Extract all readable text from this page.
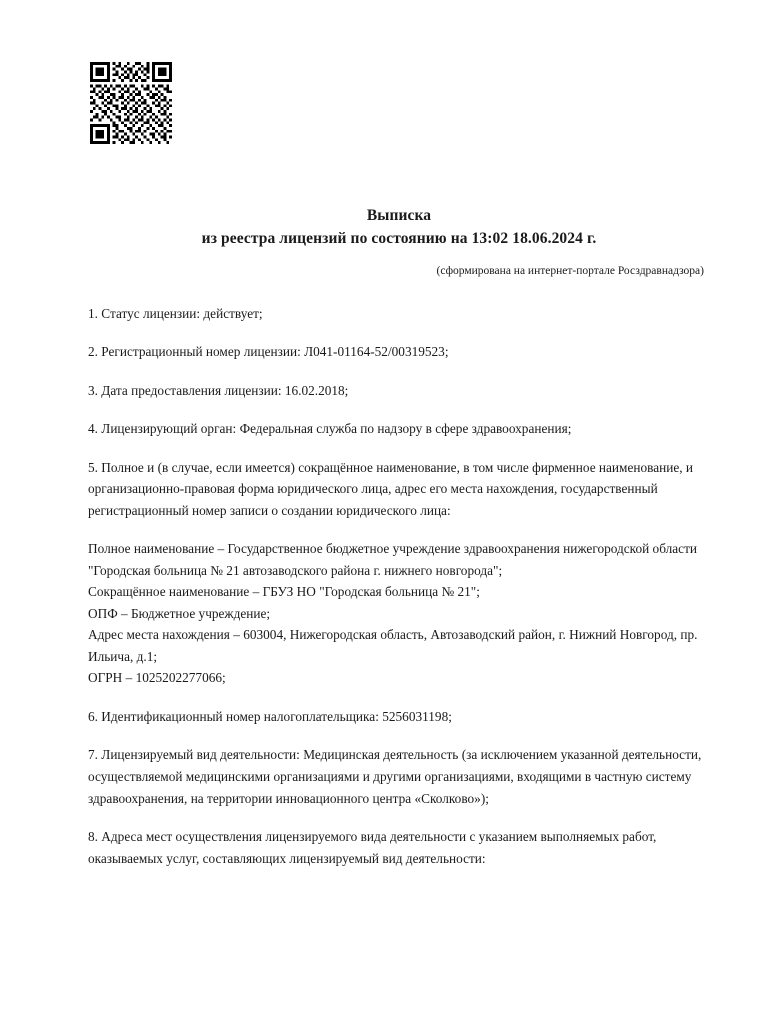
Выписка
из реестра лицензий по состоянию на 13:02 18.06.2024 г.
(сформирована на интернет-портале Росздравнадзора)

1. Статус лицензии: действует;

2. Регистрационный номер лицензии: Л041-01164-52/00319523;

3. Дата предоставления лицензии: 16.02.2018;

4. Лицензирующий орган: Федеральная служба по надзору в сфере здравоохранения;

5. Полное и (в случае, если имеется) сокращённое наименование, в том числе фирменное наименование, и организационно-правовая форма юридического лица, адрес его места нахождения, государственный регистрационный номер записи о создании юридического лица:

Полное наименование – Государственное бюджетное учреждение здравоохранения нижегородской области "Городская больница № 21 автозаводского района г. нижнего новгорода";

Сокращённое наименование – ГБУЗ НО "Городская больница № 21";

ОПФ – Бюджетное учреждение;

Адрес места нахождения – 603004, Нижегородская область, Автозаводский район, г. Нижний Новгород, пр. Ильича, д.1;

ОГРН – 1025202277066;

6. Идентификационный номер налогоплательщика: 5256031198;

7. Лицензируемый вид деятельности: Медицинская деятельность (за исключением указанной деятельности, осуществляемой медицинскими организациями и другими организациями, входящими в частную систему здравоохранения, на территории инновационного центра «Сколково»);

8. Адреса мест осуществления лицензируемого вида деятельности с указанием выполняемых работ, оказываемых услуг, составляющих лицензируемый вид деятельности:
